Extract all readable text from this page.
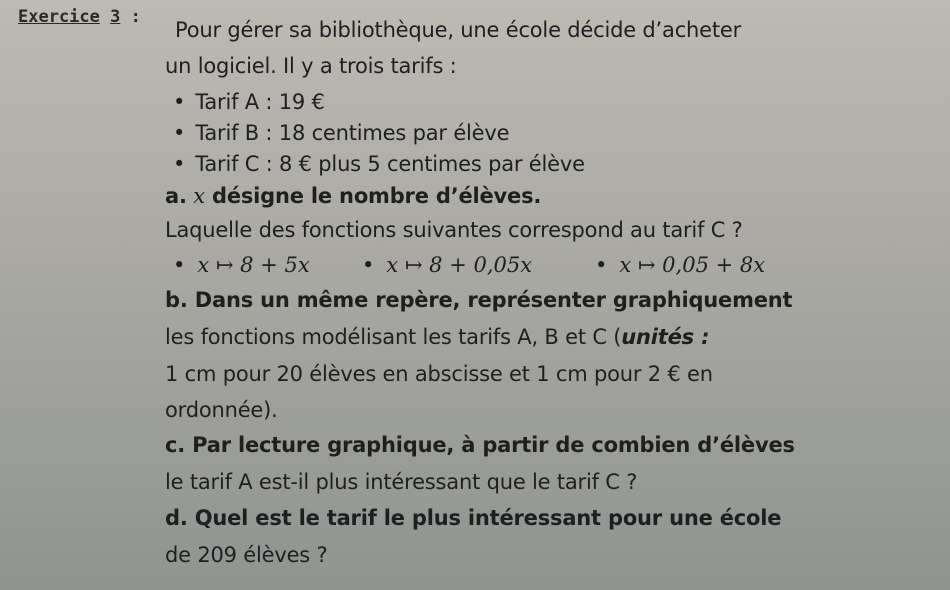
Exercice 3 :
Pour gérer sa bibliothèque, une école décide d’acheter
un logiciel. Il y a trois tarifs :
• Tarif A : 19 €
• Tarif B : 18 centimes par élève
• Tarif C : 8 € plus 5 centimes par élève
a. x désigne le nombre d’élèves.
Laquelle des fonctions suivantes correspond au tarif C ?
• x ↦ 8 + 5x	• x ↦ 8 + 0,05x	• x ↦ 0,05 + 8x
b. Dans un même repère, représenter graphiquement
les fonctions modélisant les tarifs A, B et C (unités :
1 cm pour 20 élèves en abscisse et 1 cm pour 2 € en
ordonnée).
c. Par lecture graphique, à partir de combien d’élèves
le tarif A est-il plus intéressant que le tarif C ?
d. Quel est le tarif le plus intéressant pour une école
de 209 élèves ?
